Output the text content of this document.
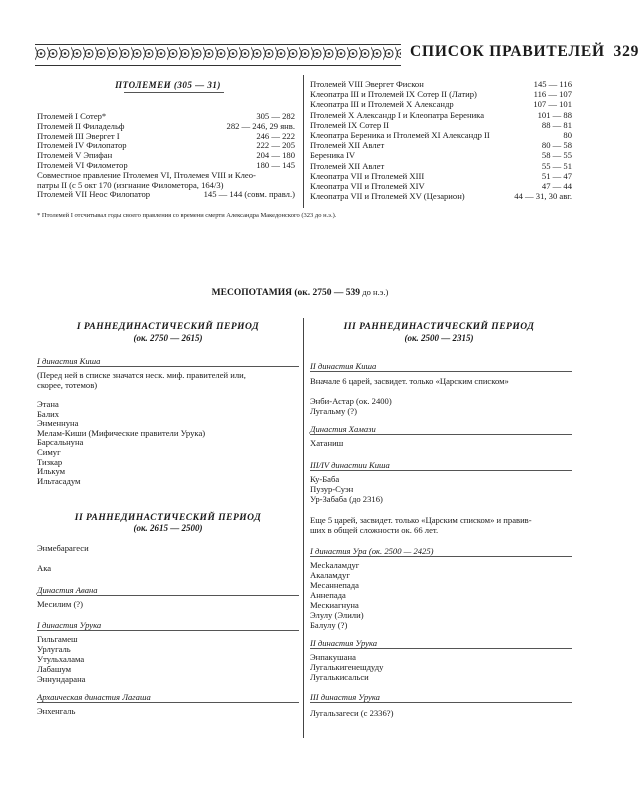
СПИСОК ПРАВИТЕЛЕЙ 329
ПТОЛЕМЕИ (305 — 31)
Птолемей I Сотер*	305 — 282
Птолемей II Филадельф	282 — 246, 29 янв.
Птолемей III Эвергет I	246 — 222
Птолемей IV Филопатор	222 — 205
Птолемей V Эпифан	204 — 180
Птолемей VI Филометор	180 — 145
Совместное правление Птолемея VI, Птолемея VIII и Клео-
патры II (с 5 окт 170 (изгнание Филометора, 164/3)
Птолемей VII Неос Филопатор	145 — 144 (совм. правл.)
Птолемей VIII Эвергет Фискон	145 — 116
Клеопатра III и Птолемей IX Сотер II (Латир)	116 — 107
Клеопатра III и Птолемей X Александр	107 — 101
Птолемей X Александр I и Клеопатра Береника	101 — 88
Птолемей IX Сотер II	88 — 81
Клеопатра Береника и Птолемей XI Александр II	80
Птолемей XII Авлет	80 — 58
Береника IV	58 — 55
Птолемей XII Авлет	55 — 51
Клеопатра VII и Птолемей XIII	51 — 47
Клеопатра VII и Птолемей XIV	47 — 44
Клеопатра VII и Птолемей XV (Цезарион)	44 — 31, 30 авг.
* Птолемей I отсчитывал годы своего правления со времени смерти Александра Македонского (323 до н.э.).
МЕСОПОТАМИЯ (ок. 2750 — 539 до н.э.)
I РАННЕДИНАСТИЧЕСКИЙ ПЕРИОД
(ок. 2750 — 2615)
I династия Киша
(Перед ней в списке значатся неск. миф. правителей или,
скорее, тотемов)
Этана
Балих
Энменнуна
Мелам-Киши (Мифические правители Урука)
Барсальнуна
Симуг
Тизкар
Илькум
Ильтасадум
II РАННЕДИНАСТИЧЕСКИЙ ПЕРИОД
(ок. 2615 — 2500)
Энмебарагеси
Ака
Династия Авана
Месилим (?)
I династия Урука
Гильгамеш
Урлугаль
Утульхалама
Лабашум
Эннундарана
Архаическая династия Лагаша
Энхенгаль
III РАННЕДИНАСТИЧЕСКИЙ ПЕРИОД
(ок. 2500 — 2315)
II династия Киша
Вначале 6 царей, засвидет. только «Царским списком»
Энби-Астар (ок. 2400)
Лугальму (?)
Династия Хамази
Хатаниш
III/IV династии Киша
Ку-Баба
Пузур-Суэн
Ур-Забаба (до 2316)
Еще 5 царей, засвидет. только «Царским списком» и правив-
ших в общей сложности ок. 66 лет.
I династия Ура (ок. 2500 — 2425)
Месkаламдуг
Акаламдуг
Месаннепада
Аннепада
Мескиагнуна
Элулу (Элили)
Балулу (?)
II династия Урука
Энпакушана
Лугалькигенешдуду
Лугалькисальси
III династия Урука
Лугальзагеси (с 2336?)
